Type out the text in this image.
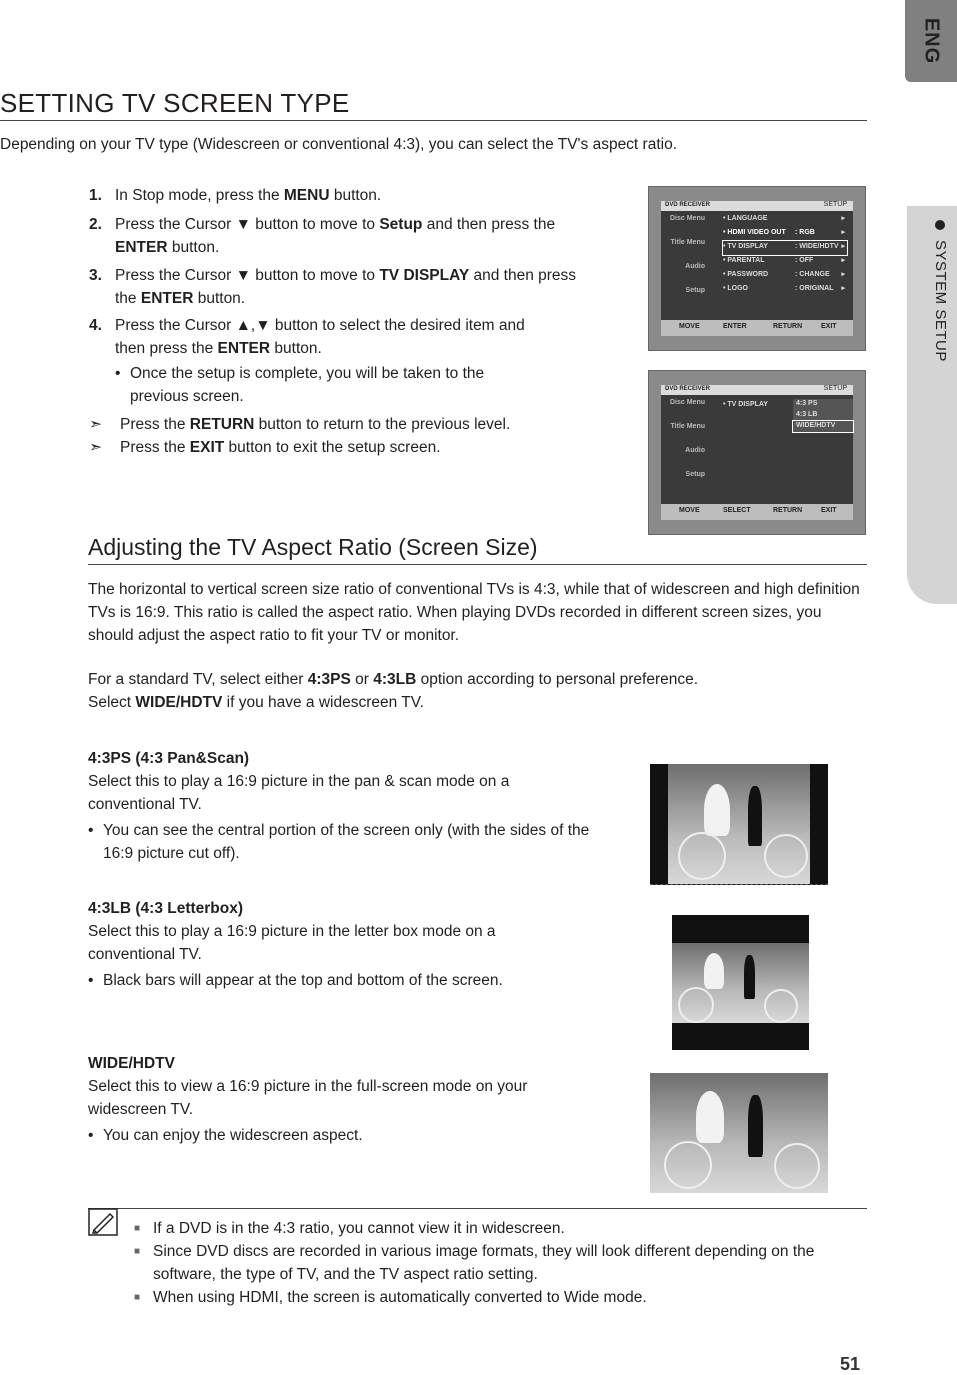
ENG
SYSTEM SETUP
SETTING TV SCREEN TYPE
Depending on your TV type (Widescreen or conventional 4:3), you can select the TV's aspect ratio.
1. In Stop mode, press the MENU button.
2. Press the Cursor ▼ button to move to Setup and then press the ENTER button.
3. Press the Cursor ▼ button to move to TV DISPLAY and then press the ENTER button.
4. Press the Cursor ▲,▼ button to select the desired item and then press the ENTER button.
• Once the setup is complete, you will be taken to the previous screen.
➣ Press the RETURN button to return to the previous level.
➣ Press the EXIT button to exit the setup screen.
DVD RECEIVER	SETUP
Disc Menu
Title Menu
Audio
Setup
• LANGUAGE	▸
• HDMI VIDEO OUT : RGB	▸
• TV DISPLAY	: WIDE/HDTV ▸
• PARENTAL	: OFF	▸
• PASSWORD	: CHANGE ▸
• LOGO	: ORIGINAL ▸
MOVE	ENTER	RETURN	EXIT
DVD RECEIVER	SETUP
Disc Menu
Title Menu
Audio
Setup
• TV DISPLAY	4:3 PS
4:3 LB
WIDE/HDTV
MOVE	SELECT	RETURN	EXIT
Adjusting the TV Aspect Ratio (Screen Size)
The horizontal to vertical screen size ratio of conventional TVs is 4:3, while that of widescreen and high definition TVs is 16:9. This ratio is called the aspect ratio. When playing DVDs recorded in different screen sizes, you should adjust the aspect ratio to fit your TV or monitor.
For a standard TV, select either 4:3PS or 4:3LB option according to personal preference.
Select WIDE/HDTV if you have a widescreen TV.
4:3PS (4:3 Pan&Scan)
Select this to play a 16:9 picture in the pan & scan mode on a conventional TV.
• You can see the central portion of the screen only (with the sides of the 16:9 picture cut off).
4:3LB (4:3 Letterbox)
Select this to play a 16:9 picture in the letter box mode on a conventional TV.
• Black bars will appear at the top and bottom of the screen.
WIDE/HDTV
Select this to view a 16:9 picture in the full-screen mode on your widescreen TV.
• You can enjoy the widescreen aspect.
■ If a DVD is in the 4:3 ratio, you cannot view it in widescreen.
■ Since DVD discs are recorded in various image formats, they will look different depending on the software, the type of TV, and the TV aspect ratio setting.
■ When using HDMI, the screen is automatically converted to Wide mode.
51
